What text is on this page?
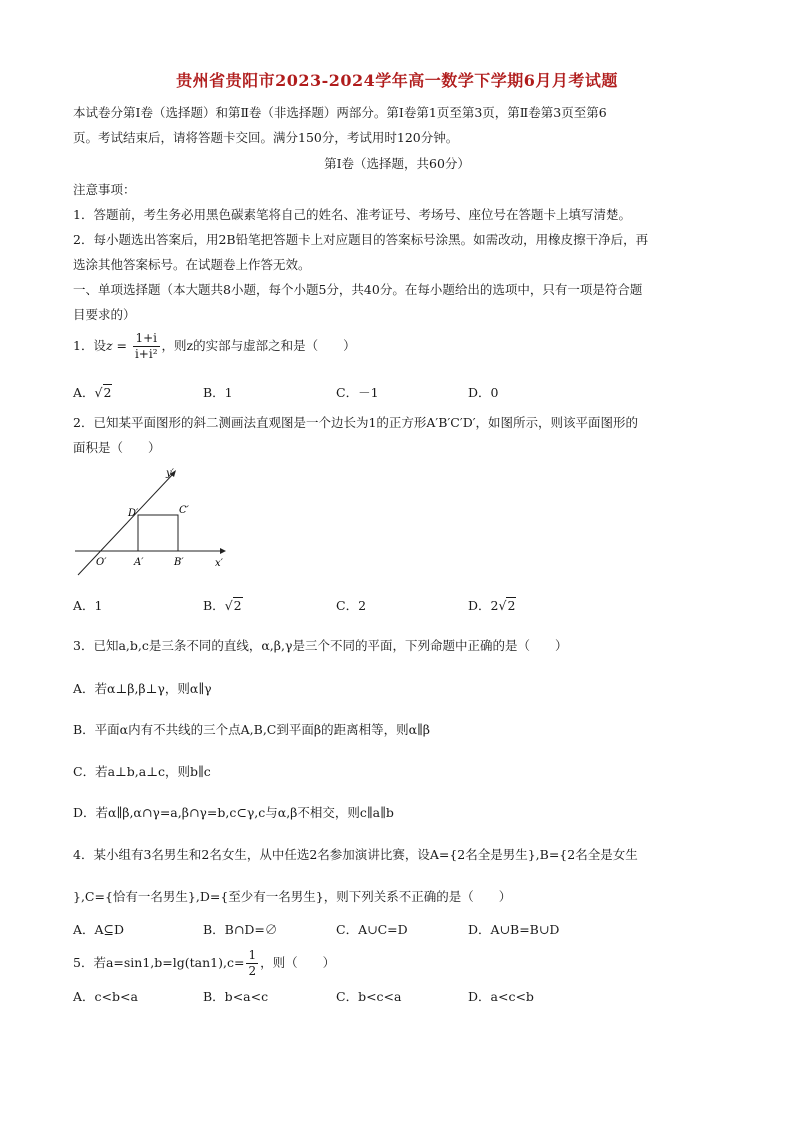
贵州省贵阳市2023-2024学年高一数学下学期6月月考试题
本试卷分第Ⅰ卷（选择题）和第Ⅱ卷（非选择题）两部分。第Ⅰ卷第1页至第3页，第Ⅱ卷第3页至第6
页。考试结束后，请将答题卡交回。满分150分，考试用时120分钟。
第Ⅰ卷（选择题，共60分）
注意事项：
1．答题前，考生务必用黑色碳素笔将自己的姓名、准考证号、考场号、座位号在答题卡上填写清楚。
2．每小题选出答案后，用2B铅笔把答题卡上对应题目的答案标号涂黑。如需改动，用橡皮擦干净后，再
选涂其他答案标号。在试题卷上作答无效。
一、单项选择题（本大题共8小题，每个小题5分，共40分。在每小题给出的选项中，只有一项是符合题
目要求的）
1．设$z = \frac{1+i}{\text{i+i²}}$ ，则z的实部与虚部之和是（　　）
A．√2	B．1	C．－1	D．0
2．已知某平面图形的斜二测画法直观图是一个边长为1的正方形A′B′C′D′，如图所示，则该平面图形的
面积是（　　）
y′
x′
O′	A′	B′
C′
D′
A．1	B．√2	C．2	D．2√2
3．已知a,b,c是三条不同的直线，α,β,γ是三个不同的平面，下列命题中正确的是（　　）
A．若α⊥β,β⊥γ，则α∥γ
B．平面α内有不共线的三个点A,B,C到平面β的距离相等，则α∥β
C．若a⊥b,a⊥c，则b∥c
D．若α∥β,α∩γ=a,β∩γ=b,c⊂γ,c与α,β不相交，则c∥a∥b
4．某小组有3名男生和2名女生，从中任选2名参加演讲比赛，设A={2名全是男生},B={2名全是女生
},C={恰有一名男生},D={至少有一名男生}，则下列关系不正确的是（　　）
A．A⊆D	B．B∩D=∅	C．A∪C=D	D．A∪B=B∪D
5．若$a=\sin 1,b=\lg(\tan 1),c= \frac{1}{2}$ ，则（　　）
A．c<b<a	B．b<a<c	C．b<c<a	D．a<c<b
